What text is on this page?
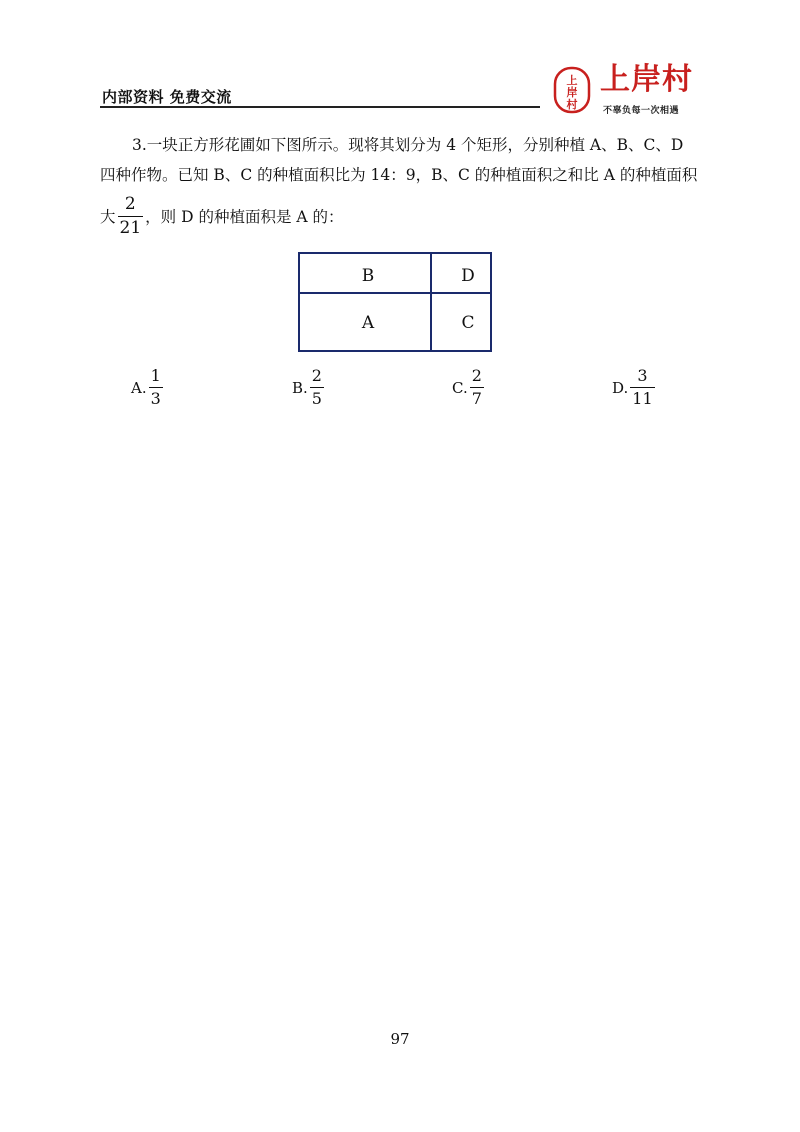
内部资料 免费交流
上
岸
村
上岸村
不辜负每一次相遇
3.一块正方形花圃如下图所示。现将其划分为 4 个矩形，分别种植 A、B、C、D
四种作物。已知 B、C 的种植面积比为 14：9，B、C 的种植面积之和比 A 的种植面积
大 $\frac{2}{21}$ ，则 D 的种植面积是 A 的：
B	D
A	C
A. $\frac{1}{3}$	B. $\frac{2}{5}$	C. $\frac{2}{7}$	D. $\frac{3}{11}$
97
